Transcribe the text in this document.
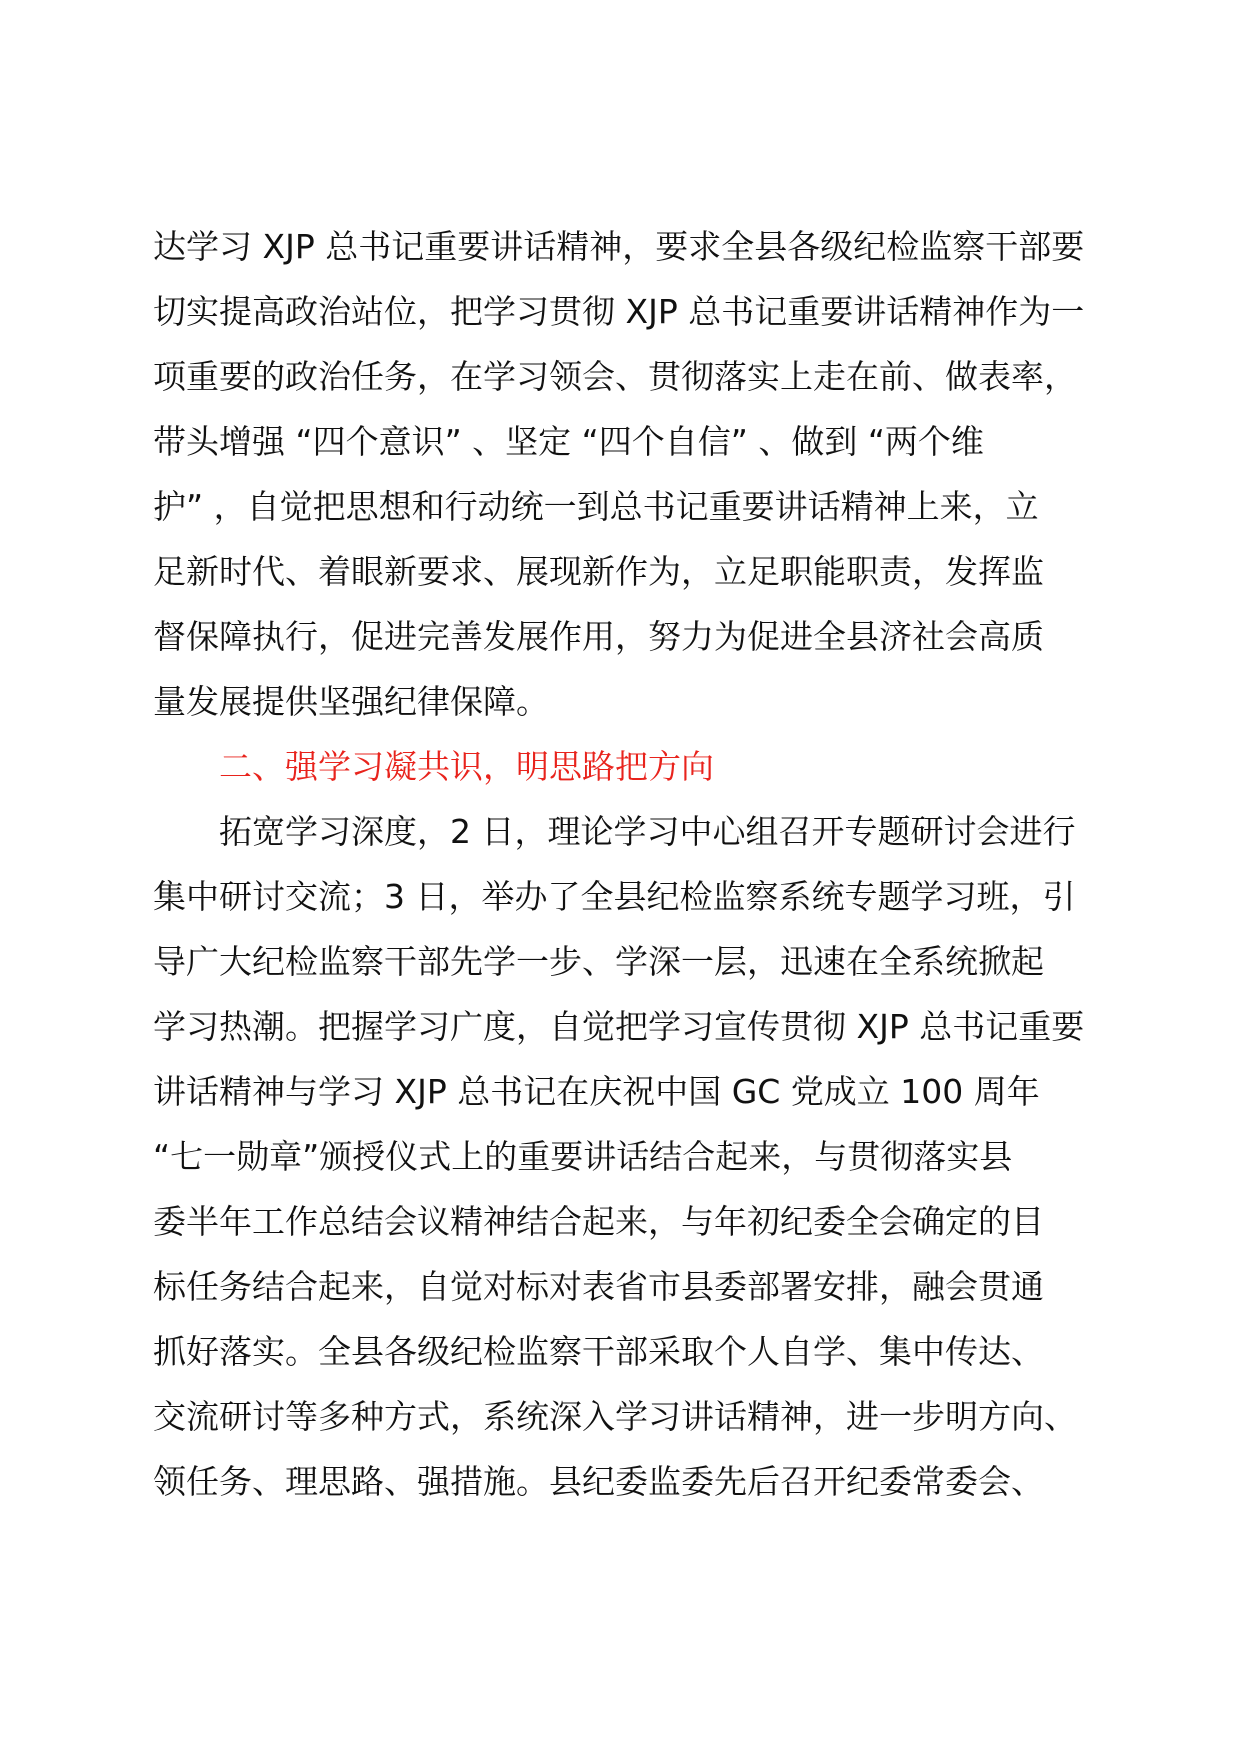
达学习 XJP 总书记重要讲话精神，要求全县各级纪检监察干部要
切实提高政治站位，把学习贯彻 XJP 总书记重要讲话精神作为一
项重要的政治任务，在学习领会、贯彻落实上走在前、做表率，
带头增强 “四个意识” 、坚定 “四个自信” 、做到 “两个维
护” ，自觉把思想和行动统一到总书记重要讲话精神上来，立
足新时代、着眼新要求、展现新作为，立足职能职责，发挥监
督保障执行，促进完善发展作用，努力为促进全县济社会高质
量发展提供坚强纪律保障。
二、强学习凝共识，明思路把方向
拓宽学习深度，2 日，理论学习中心组召开专题研讨会进行
集中研讨交流；3 日，举办了全县纪检监察系统专题学习班，引
导广大纪检监察干部先学一步、学深一层，迅速在全系统掀起
学习热潮。把握学习广度，自觉把学习宣传贯彻 XJP 总书记重要
讲话精神与学习 XJP 总书记在庆祝中国 GC 党成立 100 周年
“七一勋章”颁授仪式上的重要讲话结合起来，与贯彻落实县
委半年工作总结会议精神结合起来，与年初纪委全会确定的目
标任务结合起来，自觉对标对表省市县委部署安排，融会贯通
抓好落实。全县各级纪检监察干部采取个人自学、集中传达、
交流研讨等多种方式，系统深入学习讲话精神，进一步明方向、
领任务、理思路、强措施。县纪委监委先后召开纪委常委会、
